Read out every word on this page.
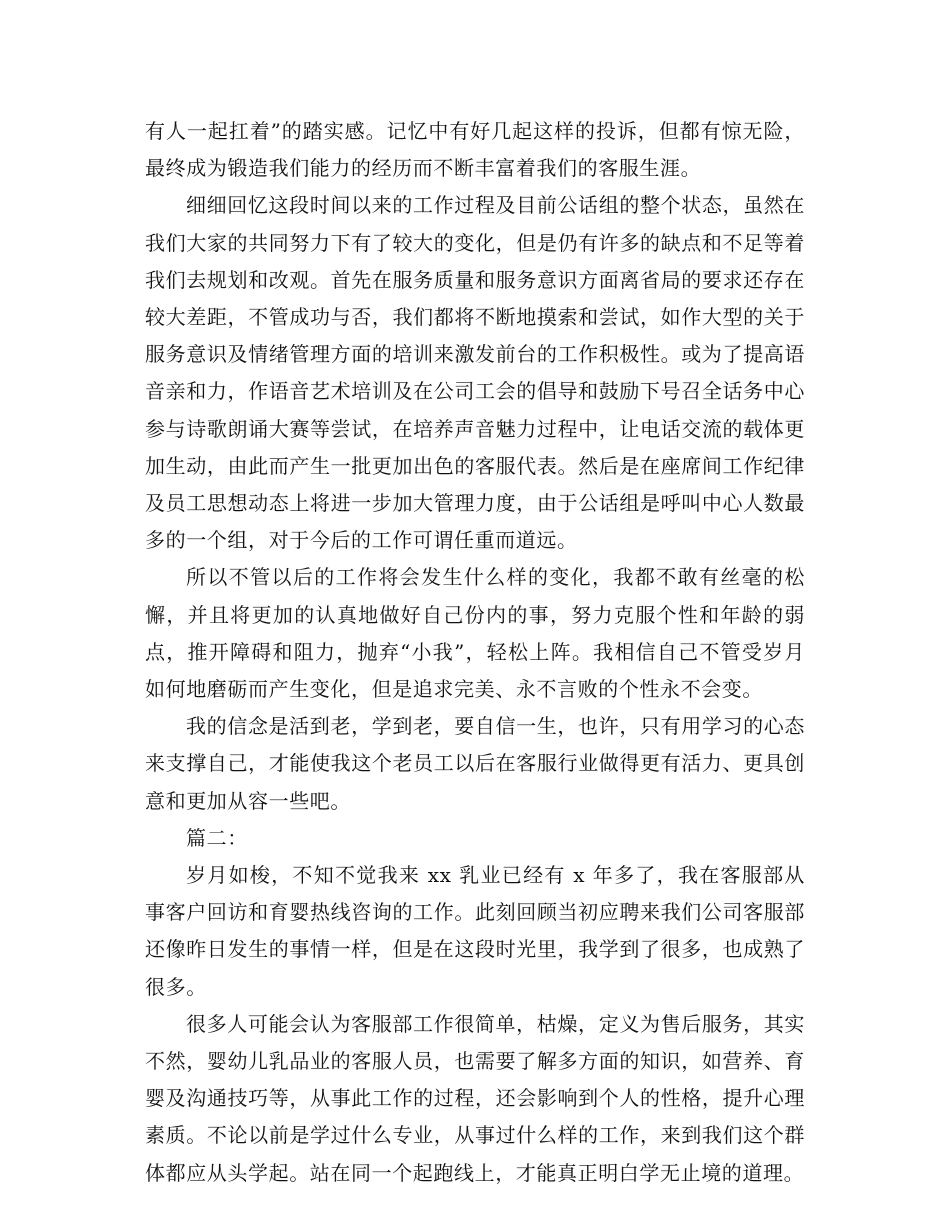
有人一起扛着”的踏实感。记忆中有好几起这样的投诉，但都有惊无险，最终成为锻造我们能力的经历而不断丰富着我们的客服生涯。

细细回忆这段时间以来的工作过程及目前公话组的整个状态，虽然在我们大家的共同努力下有了较大的变化，但是仍有许多的缺点和不足等着我们去规划和改观。首先在服务质量和服务意识方面离省局的要求还存在较大差距，不管成功与否，我们都将不断地摸索和尝试，如作大型的关于服务意识及情绪管理方面的培训来激发前台的工作积极性。或为了提高语音亲和力，作语音艺术培训及在公司工会的倡导和鼓励下号召全话务中心参与诗歌朗诵大赛等尝试，在培养声音魅力过程中，让电话交流的载体更加生动，由此而产生一批更加出色的客服代表。然后是在座席间工作纪律及员工思想动态上将进一步加大管理力度，由于公话组是呼叫中心人数最多的一个组，对于今后的工作可谓任重而道远。

所以不管以后的工作将会发生什么样的变化，我都不敢有丝毫的松懈，并且将更加的认真地做好自己份内的事，努力克服个性和年龄的弱点，推开障碍和阻力，抛弃“小我”，轻松上阵。我相信自己不管受岁月如何地磨砺而产生变化，但是追求完美、永不言败的个性永不会变。

我的信念是活到老，学到老，要自信一生，也许，只有用学习的心态来支撑自己，才能使我这个老员工以后在客服行业做得更有活力、更具创意和更加从容一些吧。

篇二：

岁月如梭，不知不觉我来 xx 乳业已经有 x 年多了，我在客服部从事客户回访和育婴热线咨询的工作。此刻回顾当初应聘来我们公司客服部还像昨日发生的事情一样，但是在这段时光里，我学到了很多，也成熟了很多。

很多人可能会认为客服部工作很简单，枯燥，定义为售后服务，其实不然，婴幼儿乳品业的客服人员，也需要了解多方面的知识，如营养、育婴及沟通技巧等，从事此工作的过程，还会影响到个人的性格，提升心理素质。不论以前是学过什么专业，从事过什么样的工作，来到我们这个群体都应从头学起。站在同一个起跑线上，才能真正明白学无止境的道理。
